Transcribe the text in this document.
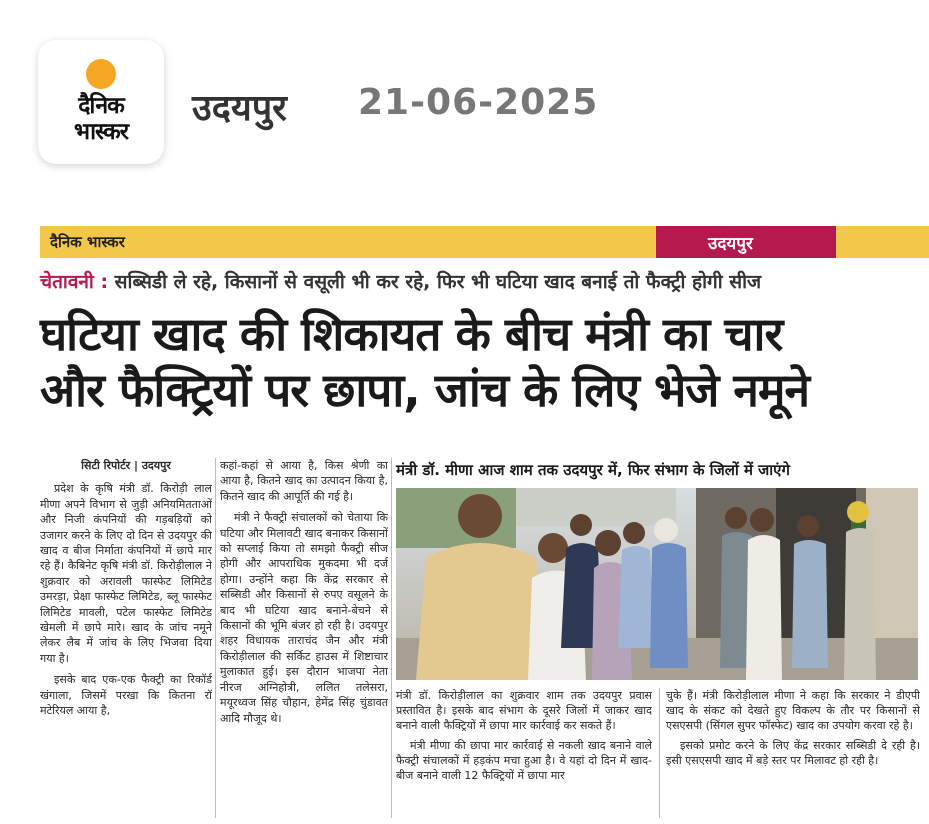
दैनिक
भास्कर
उदयपुर 21-06-2025
दैनिक भास्कर	उदयपुर
चेतावनी : सब्सिडी ले रहे, किसानों से वसूली भी कर रहे, फिर भी घटिया खाद बनाई तो फैक्ट्री होगी सीज
घटिया खाद की शिकायत के बीच मंत्री का चार
और फैक्ट्रियों पर छापा, जांच के लिए भेजे नमूने
सिटी रिपोर्टर | उदयपुर

प्रदेश के कृषि मंत्री डॉ. किरोड़ी लाल मीणा अपने विभाग से जुड़ी अनियमितताओं और निजी कंपनियों की गड़बड़ियों को उजागर करने के लिए दो दिन से उदयपुर की खाद व बीज निर्माता कंपनियों में छापे मार रहे हैं। कैबिनेट कृषि मंत्री डॉ. किरोड़ीलाल ने शुक्रवार को अरावली फास्फेट लिमिटेड उमरड़ा, प्रेक्षा फास्फेट लिमिटेड, ब्लू फास्फेट लिमिटेड मावली, पटेल फास्फेट लिमिटेड खेमली में छापे मारे। खाद के जांच नमूने लेकर लैब में जांच के लिए भिजवा दिया गया है।

इसके बाद एक-एक फैक्ट्री का रिकॉर्ड खंगाला, जिसमें परखा कि कितना रॉ मटेरियल आया है,

कहां-कहां से आया है, किस श्रेणी का आया है, कितने खाद का उत्पादन किया है, कितने खाद की आपूर्ति की गई है।

मंत्री ने फैक्ट्री संचालकों को चेताया कि घटिया और मिलावटी खाद बनाकर किसानों को सप्लाई किया तो समझो फैक्ट्री सीज होगी और आपराधिक मुकदमा भी दर्ज होगा। उन्होंने कहा कि केंद्र सरकार से सब्सिडी और किसानों से रुपए वसूलने के बाद भी घटिया खाद बनाने-बेचने से किसानों की भूमि बंजर हो रही है। उदयपुर शहर विधायक ताराचंद जैन और मंत्री किरोड़ीलाल की सर्किट हाउस में शिष्टाचार मुलाकात हुई। इस दौरान भाजपा नेता नीरज अग्निहोत्री, ललित तलेसरा, मयूरध्वज सिंह चौहान, हेमेंद्र सिंह चुंडावत आदि मौजूद थे।

मंत्री डॉ. मीणा आज शाम तक उदयपुर में, फिर संभाग के जिलों में जाएंगे

मंत्री डॉ. किरोड़ीलाल का शुक्रवार शाम तक उदयपुर प्रवास प्रस्तावित है। इसके बाद संभाग के दूसरे जिलों में जाकर खाद बनाने वाली फैक्ट्रियों में छापा मार कार्रवाई कर सकते हैं।

मंत्री मीणा की छापा मार कार्रवाई से नकली खाद बनाने वाले फैक्ट्री संचालकों में हड़कंप मचा हुआ है। वे यहां दो दिन में खाद-बीज बनाने वाली 12 फैक्ट्रियों में छापा मार

चुके हैं। मंत्री किरोड़ीलाल मीणा ने कहा कि सरकार ने डीएपी खाद के संकट को देखते हुए विकल्प के तौर पर किसानों से एसएसपी (सिंगल सुपर फॉस्फेट) खाद का उपयोग करवा रहे है।

इसको प्रमोट करने के लिए केंद्र सरकार सब्सिडी दे रही है। इसी एसएसपी खाद में बड़े स्तर पर मिलावट हो रही है।
